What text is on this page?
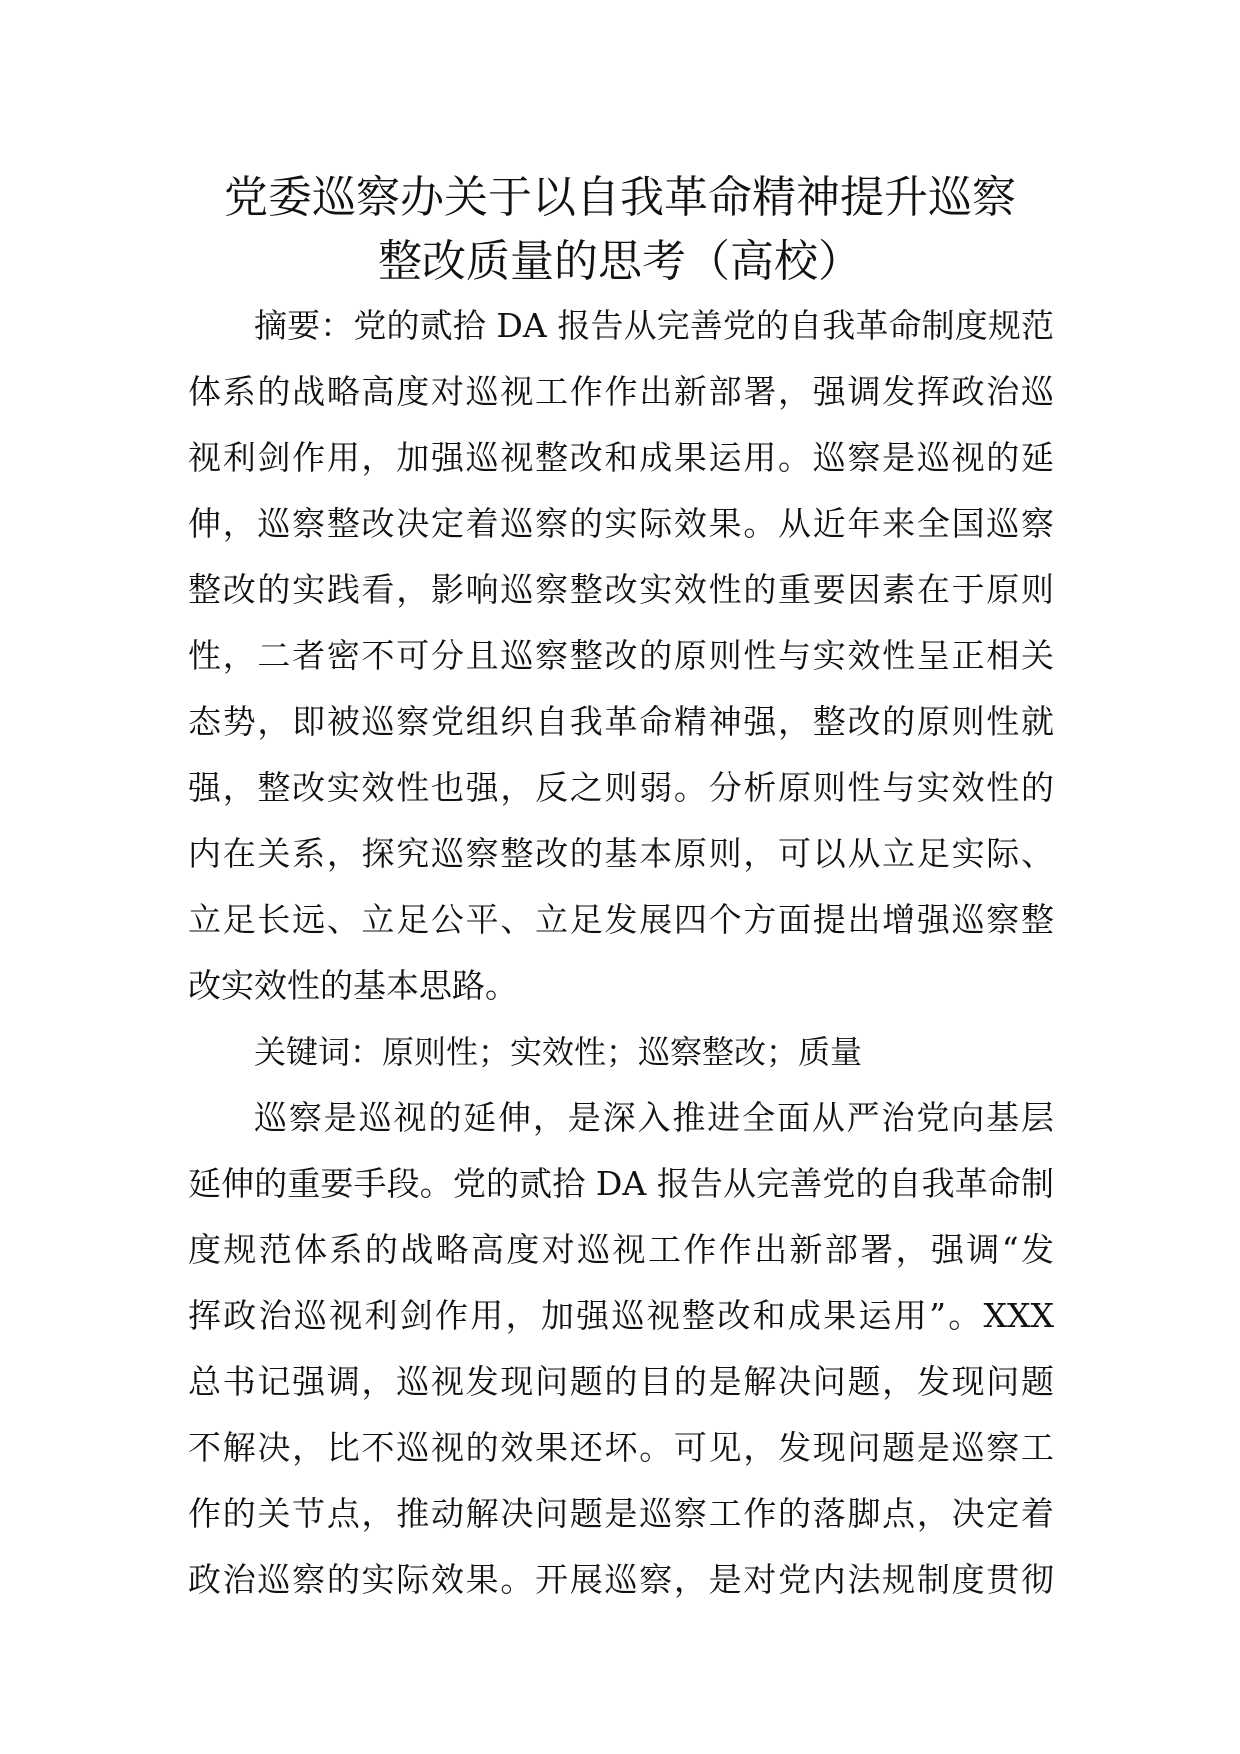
党委巡察办关于以自我革命精神提升巡察
整改质量的思考（高校）
摘要：党的贰拾 DA 报告从完善党的自我革命制度规范
体系的战略高度对巡视工作作出新部署，强调发挥政治巡
视利剑作用，加强巡视整改和成果运用。巡察是巡视的延
伸，巡察整改决定着巡察的实际效果。从近年来全国巡察
整改的实践看，影响巡察整改实效性的重要因素在于原则
性，二者密不可分且巡察整改的原则性与实效性呈正相关
态势，即被巡察党组织自我革命精神强，整改的原则性就
强，整改实效性也强，反之则弱。分析原则性与实效性的
内在关系，探究巡察整改的基本原则，可以从立足实际、
立足长远、立足公平、立足发展四个方面提出增强巡察整
改实效性的基本思路。
关键词：原则性；实效性；巡察整改；质量
巡察是巡视的延伸，是深入推进全面从严治党向基层
延伸的重要手段。党的贰拾 DA 报告从完善党的自我革命制
度规范体系的战略高度对巡视工作作出新部署，强调“发
挥政治巡视利剑作用，加强巡视整改和成果运用”。XXX
总书记强调，巡视发现问题的目的是解决问题，发现问题
不解决，比不巡视的效果还坏。可见，发现问题是巡察工
作的关节点，推动解决问题是巡察工作的落脚点，决定着
政治巡察的实际效果。开展巡察，是对党内法规制度贯彻
